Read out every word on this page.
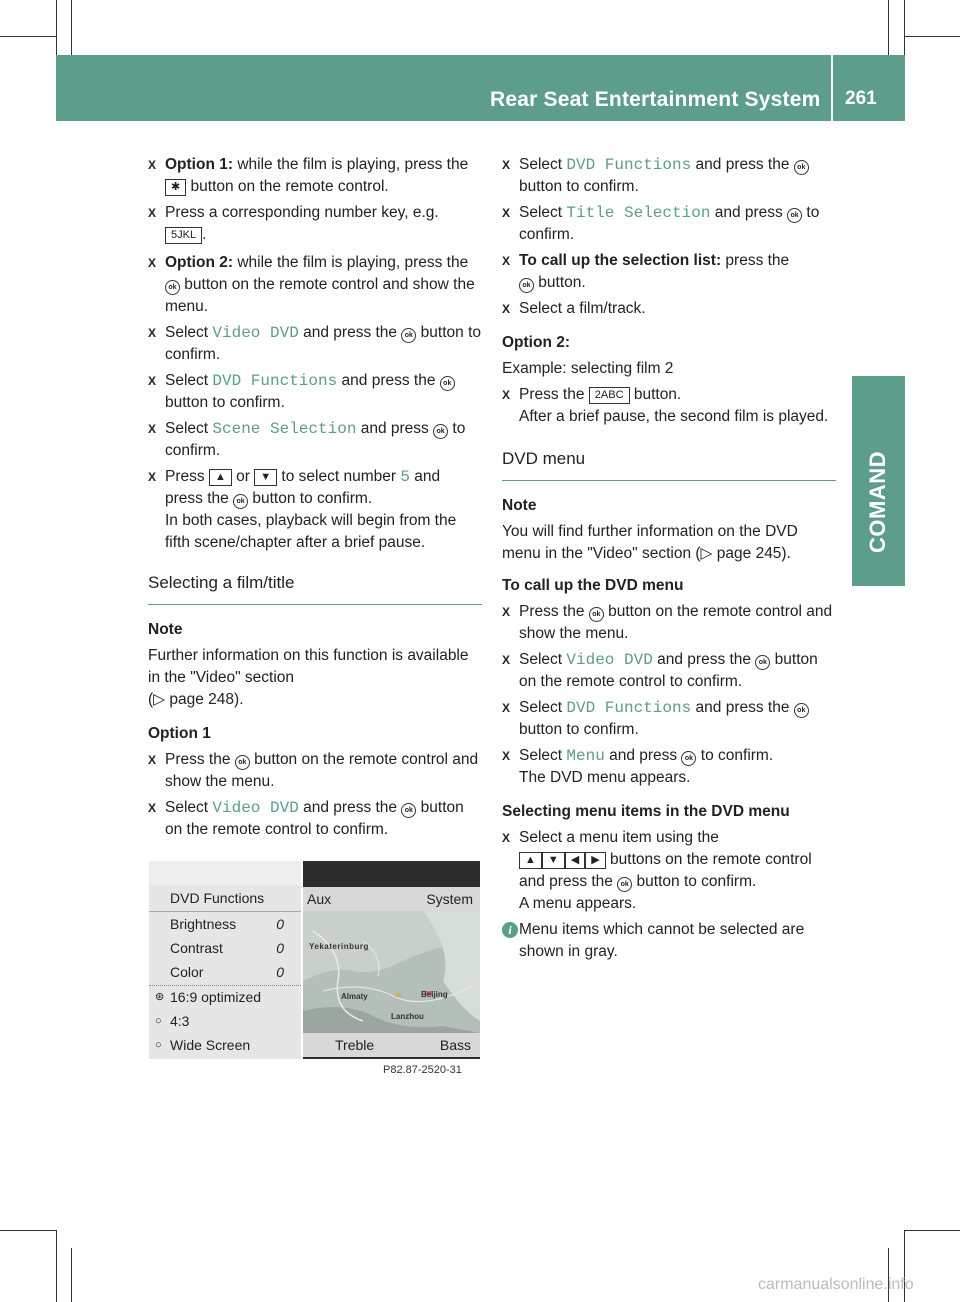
Rear Seat Entertainment System 261
COMAND
X Option 1: while the film is playing, press the ✱ button on the remote control.
X Press a corresponding number key, e.g.
5JKL .
X Option 2: while the film is playing, press the ok button on the remote control and show the menu.
X Select Video DVD and press the ok button to confirm.
X Select DVD Functions and press the ok
button to confirm.
X Select Scene Selection and press ok to confirm.
X Press ▲ or ▼ to select number 5 and press the ok button to confirm.
In both cases, playback will begin from the fifth scene/chapter after a brief pause.
Selecting a film/title
Note
Further information on this function is available in the "Video" section
(▷ page 248).
Option 1
X Press the ok button on the remote control and show the menu.
X Select Video DVD and press the ok button on the remote control to confirm.
DVD Functions
Brightness	0
Contrast	0
Color	0
⊛ 16:9 optimized
○ 4:3
○ Wide Screen
Aux	System
Yekaterinburg
Almaty	Beijing
Lanzhou
Treble	Bass
P82.87-2520-31
X Select DVD Functions and press the ok
button to confirm.
X Select Title Selection and press ok to confirm.
X To call up the selection list: press the
ok button.
X Select a film/track.
Option 2:
Example: selecting film 2
X Press the 2ABC button.
After a brief pause, the second film is played.
DVD menu
Note
You will find further information on the DVD menu in the "Video" section (▷ page 245).
To call up the DVD menu
X Press the ok button on the remote control and show the menu.
X Select Video DVD and press the ok button on the remote control to confirm.
X Select DVD Functions and press the ok
button to confirm.
X Select Menu and press ok to confirm.
The DVD menu appears.
Selecting menu items in the DVD menu
X Select a menu item using the
▲ ▼ ◀ ▶ buttons on the remote control and press the ok button to confirm.
A menu appears.
i Menu items which cannot be selected are shown in gray.
carmanualsonline.info
